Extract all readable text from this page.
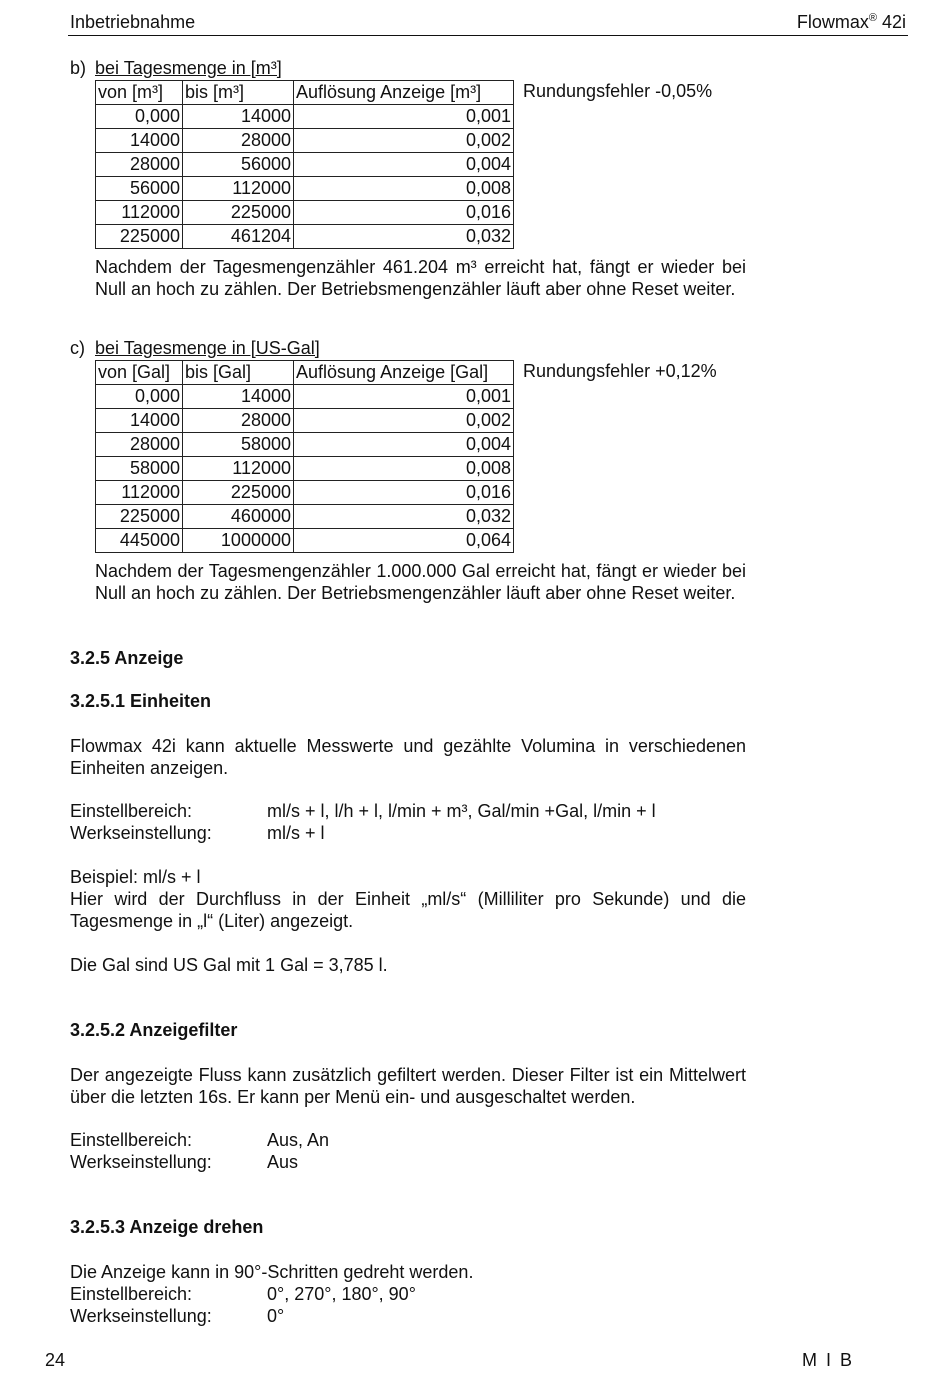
Inbetriebnahme	Flowmax® 42i
b) bei Tagesmenge in [m³]
von [m³]	bis [m³]	Auflösung Anzeige [m³]
0,000	14000	0,001
14000	28000	0,002
28000	56000	0,004
56000	112000	0,008
112000	225000	0,016
225000	461204	0,032
Rundungsfehler -0,05%
Nachdem der Tagesmengenzähler 461.204 m³ erreicht hat, fängt er wieder bei Null an hoch zu zählen. Der Betriebsmengenzähler läuft aber ohne Reset weiter.
c) bei Tagesmenge in [US-Gal]
von [Gal]	bis [Gal]	Auflösung Anzeige [Gal]
0,000	14000	0,001
14000	28000	0,002
28000	58000	0,004
58000	112000	0,008
112000	225000	0,016
225000	460000	0,032
445000	1000000	0,064
Rundungsfehler +0,12%
Nachdem der Tagesmengenzähler 1.000.000 Gal erreicht hat, fängt er wieder bei Null an hoch zu zählen. Der Betriebsmengenzähler läuft aber ohne Reset weiter.
3.2.5 Anzeige
3.2.5.1 Einheiten
Flowmax 42i kann aktuelle Messwerte und gezählte Volumina in verschiedenen Einheiten anzeigen.
Einstellbereich:	ml/s + l, l/h + l, l/min + m³, Gal/min +Gal, l/min + l
Werkseinstellung:	ml/s + l
Beispiel: ml/s + l
Hier wird der Durchfluss in der Einheit „ml/s“ (Milliliter pro Sekunde) und die Tagesmenge in „l“ (Liter) angezeigt.
Die Gal sind US Gal mit 1 Gal = 3,785 l.
3.2.5.2 Anzeigefilter
Der angezeigte Fluss kann zusätzlich gefiltert werden. Dieser Filter ist ein Mittelwert über die letzten 16s. Er kann per Menü ein- und ausgeschaltet werden.
Einstellbereich:	Aus, An
Werkseinstellung:	Aus
3.2.5.3 Anzeige drehen
Die Anzeige kann in 90°-Schritten gedreht werden.
Einstellbereich:	0°, 270°, 180°, 90°
Werkseinstellung:	0°
24	M I B
